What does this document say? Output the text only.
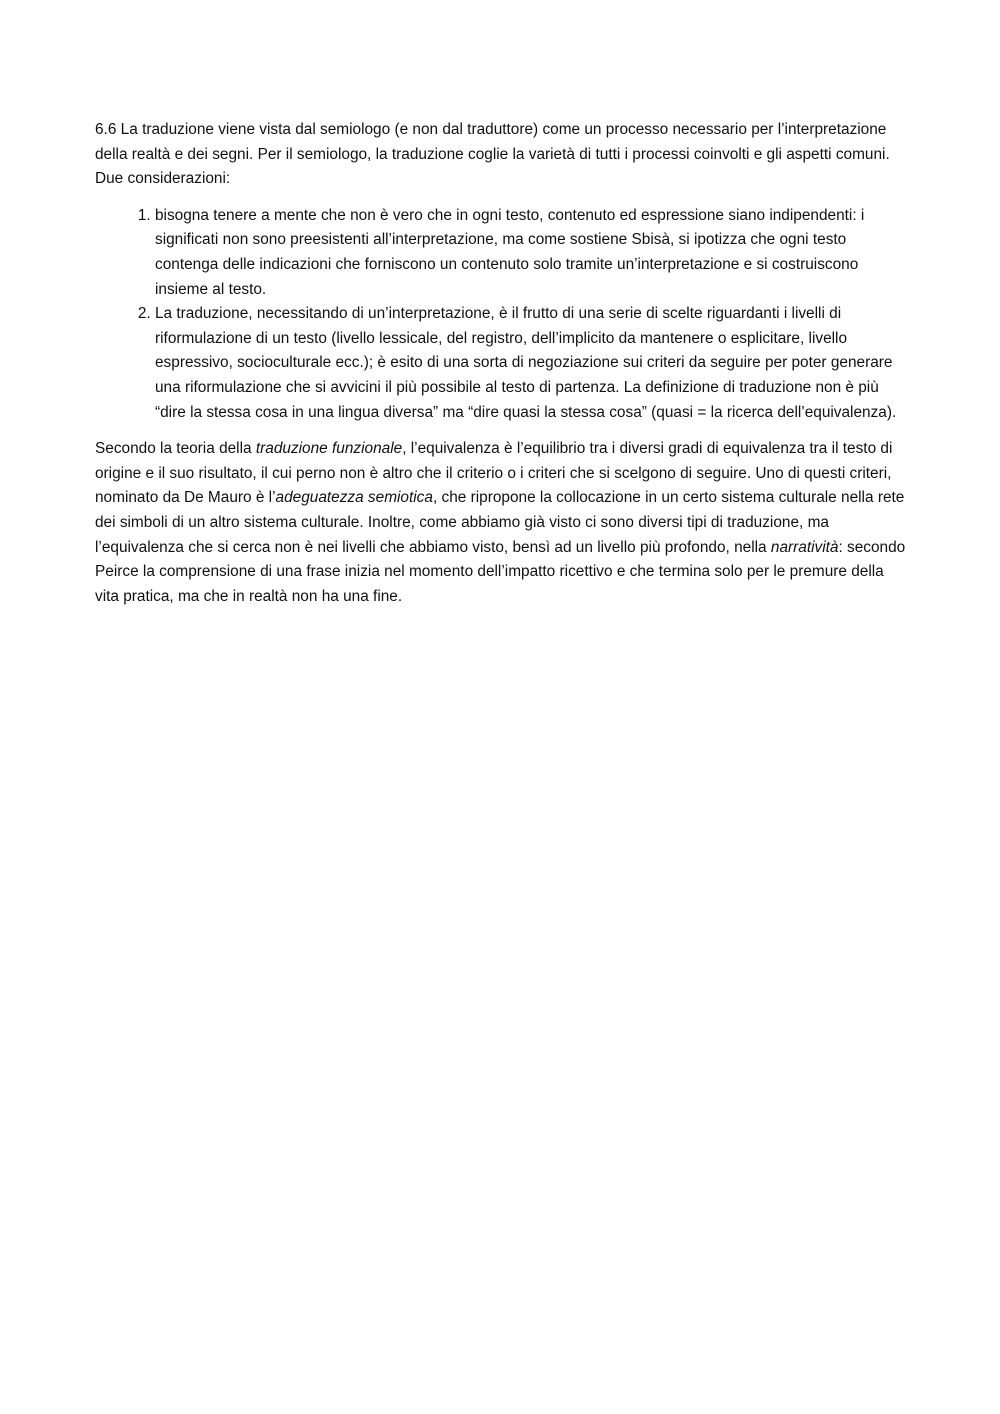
6.6 La traduzione viene vista dal semiologo (e non dal traduttore) come un processo necessario per l’interpretazione della realtà e dei segni. Per il semiologo, la traduzione coglie la varietà di tutti i processi coinvolti e gli aspetti comuni. Due considerazioni:

1. bisogna tenere a mente che non è vero che in ogni testo, contenuto ed espressione siano indipendenti: i significati non sono preesistenti all’interpretazione, ma come sostiene Sbisà, si ipotizza che ogni testo contenga delle indicazioni che forniscono un contenuto solo tramite un’interpretazione e si costruiscono insieme al testo.
2. La traduzione, necessitando di un’interpretazione, è il frutto di una serie di scelte riguardanti i livelli di riformulazione di un testo (livello lessicale, del registro, dell’implicito da mantenere o esplicitare, livello espressivo, socioculturale ecc.); è esito di una sorta di negoziazione sui criteri da seguire per poter generare una riformulazione che si avvicini il più possibile al testo di partenza. La definizione di traduzione non è più “dire la stessa cosa in una lingua diversa” ma “dire quasi la stessa cosa” (quasi = la ricerca dell’equivalenza).

Secondo la teoria della traduzione funzionale, l’equivalenza è l’equilibrio tra i diversi gradi di equivalenza tra il testo di origine e il suo risultato, il cui perno non è altro che il criterio o i criteri che si scelgono di seguire. Uno di questi criteri, nominato da De Mauro è l’adeguatezza semiotica, che ripropone la collocazione in un certo sistema culturale nella rete dei simboli di un altro sistema culturale. Inoltre, come abbiamo già visto ci sono diversi tipi di traduzione, ma l’equivalenza che si cerca non è nei livelli che abbiamo visto, bensì ad un livello più profondo, nella narratività: secondo Peirce la comprensione di una frase inizia nel momento dell’impatto ricettivo e che termina solo per le premure della vita pratica, ma che in realtà non ha una fine.
